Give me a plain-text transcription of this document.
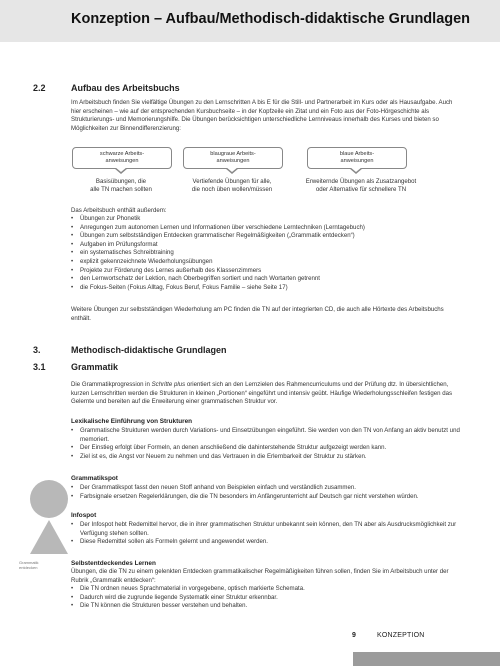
Konzeption – Aufbau/Methodisch-didaktische Grundlagen
2.2	Aufbau des Arbeitsbuchs
Im Arbeitsbuch finden Sie vielfältige Übungen zu den Lernschritten A bis E für die Still- und Partnerarbeit im Kurs oder als Hausaufgabe. Auch hier erscheinen – wie auf der entsprechenden Kursbuchseite – in der Kopfzeile ein Zitat und ein Foto aus der Foto-Hörgeschichte als Strukturierungs- und Memorierungshilfe. Die Übungen berücksichtigen unterschiedliche Lernniveaus innerhalb des Kurses und bieten so Möglichkeiten zur Binnendifferenzierung:
schwarze Arbeits-
anweisungen
blaugraue Arbeits-
anweisungen
blaue Arbeits-
anweisungen
Basisübungen, die
alle TN machen sollten
Vertiefende Übungen für alle,
die noch üben wollen/müssen
Erweiternde Übungen als Zusatzangebot
oder Alternative für schnellere TN
Das Arbeitsbuch enthält außerdem:
• Übungen zur Phonetik
• Anregungen zum autonomen Lernen und Informationen über verschiedene Lerntechniken (Lerntagebuch)
• Übungen zum selbstständigen Entdecken grammatischer Regelmäßigkeiten („Grammatik entdecken“)
• Aufgaben im Prüfungsformat
• ein systematisches Schreibtraining
• explizit gekennzeichnete Wiederholungsübungen
• Projekte zur Förderung des Lernes außerhalb des Klassenzimmers
• den Lernwortschatz der Lektion, nach Oberbegriffen sortiert und nach Wortarten getrennt
• die Fokus-Seiten (Fokus Alltag, Fokus Beruf, Fokus Familie – siehe Seite 17)
Weitere Übungen zur selbstständigen Wiederholung am PC finden die TN auf der integrierten CD, die auch alle Hörtexte des Arbeitsbuchs enthält.
3.	Methodisch-didaktische Grundlagen
3.1	Grammatik
Die Grammatikprogression in Schritte plus orientiert sich an den Lernzielen des Rahmencurriculums und der Prüfung dtz. In übersichtlichen, kurzen Lernschritten werden die Strukturen in kleinen „Portionen“ eingeführt und intensiv geübt. Häufige Wiederholungsschleifen festigen das Gelernte und bereiten auf die Erweiterung einer grammatischen Struktur vor.
Lexikalische Einführung von Strukturen
• Grammatische Strukturen werden durch Variations- und Einsetzübungen eingeführt. Sie werden von den TN von Anfang an aktiv benutzt und memoriert.
• Der Einstieg erfolgt über Formeln, an denen anschließend die dahinterstehende Struktur aufgezeigt werden kann.
• Ziel ist es, die Angst vor Neuem zu nehmen und das Vertrauen in die Erlernbarkeit der Struktur zu stärken.
Grammatikspot
• Der Grammatikspot fasst den neuen Stoff anhand von Beispielen einfach und verständlich zusammen.
• Farbsignale ersetzen Regelerklärungen, die die TN besonders im Anfängerunterricht auf Deutsch gar nicht verstehen würden.
Infospot
• Der Infospot hebt Redemittel hervor, die in ihrer grammatischen Struktur unbekannt sein können, den TN aber als Ausdrucksmöglichkeit zur Verfügung stehen sollten.
• Diese Redemittel sollen als Formeln gelernt und angewendet werden.
Selbstentdeckendes Lernen
Übungen, die die TN zu einem gelenkten Entdecken grammatikalischer Regelmäßigkeiten führen sollen, finden Sie im Arbeitsbuch unter der Rubrik „Grammatik entdecken“:
• Die TN ordnen neues Sprachmaterial in vorgegebene, optisch markierte Schemata.
• Dadurch wird die zugrunde liegende Systematik einer Struktur erkennbar.
• Die TN können die Strukturen besser verstehen und behalten.
Grammatik
entdecken
9	KONZEPTION
